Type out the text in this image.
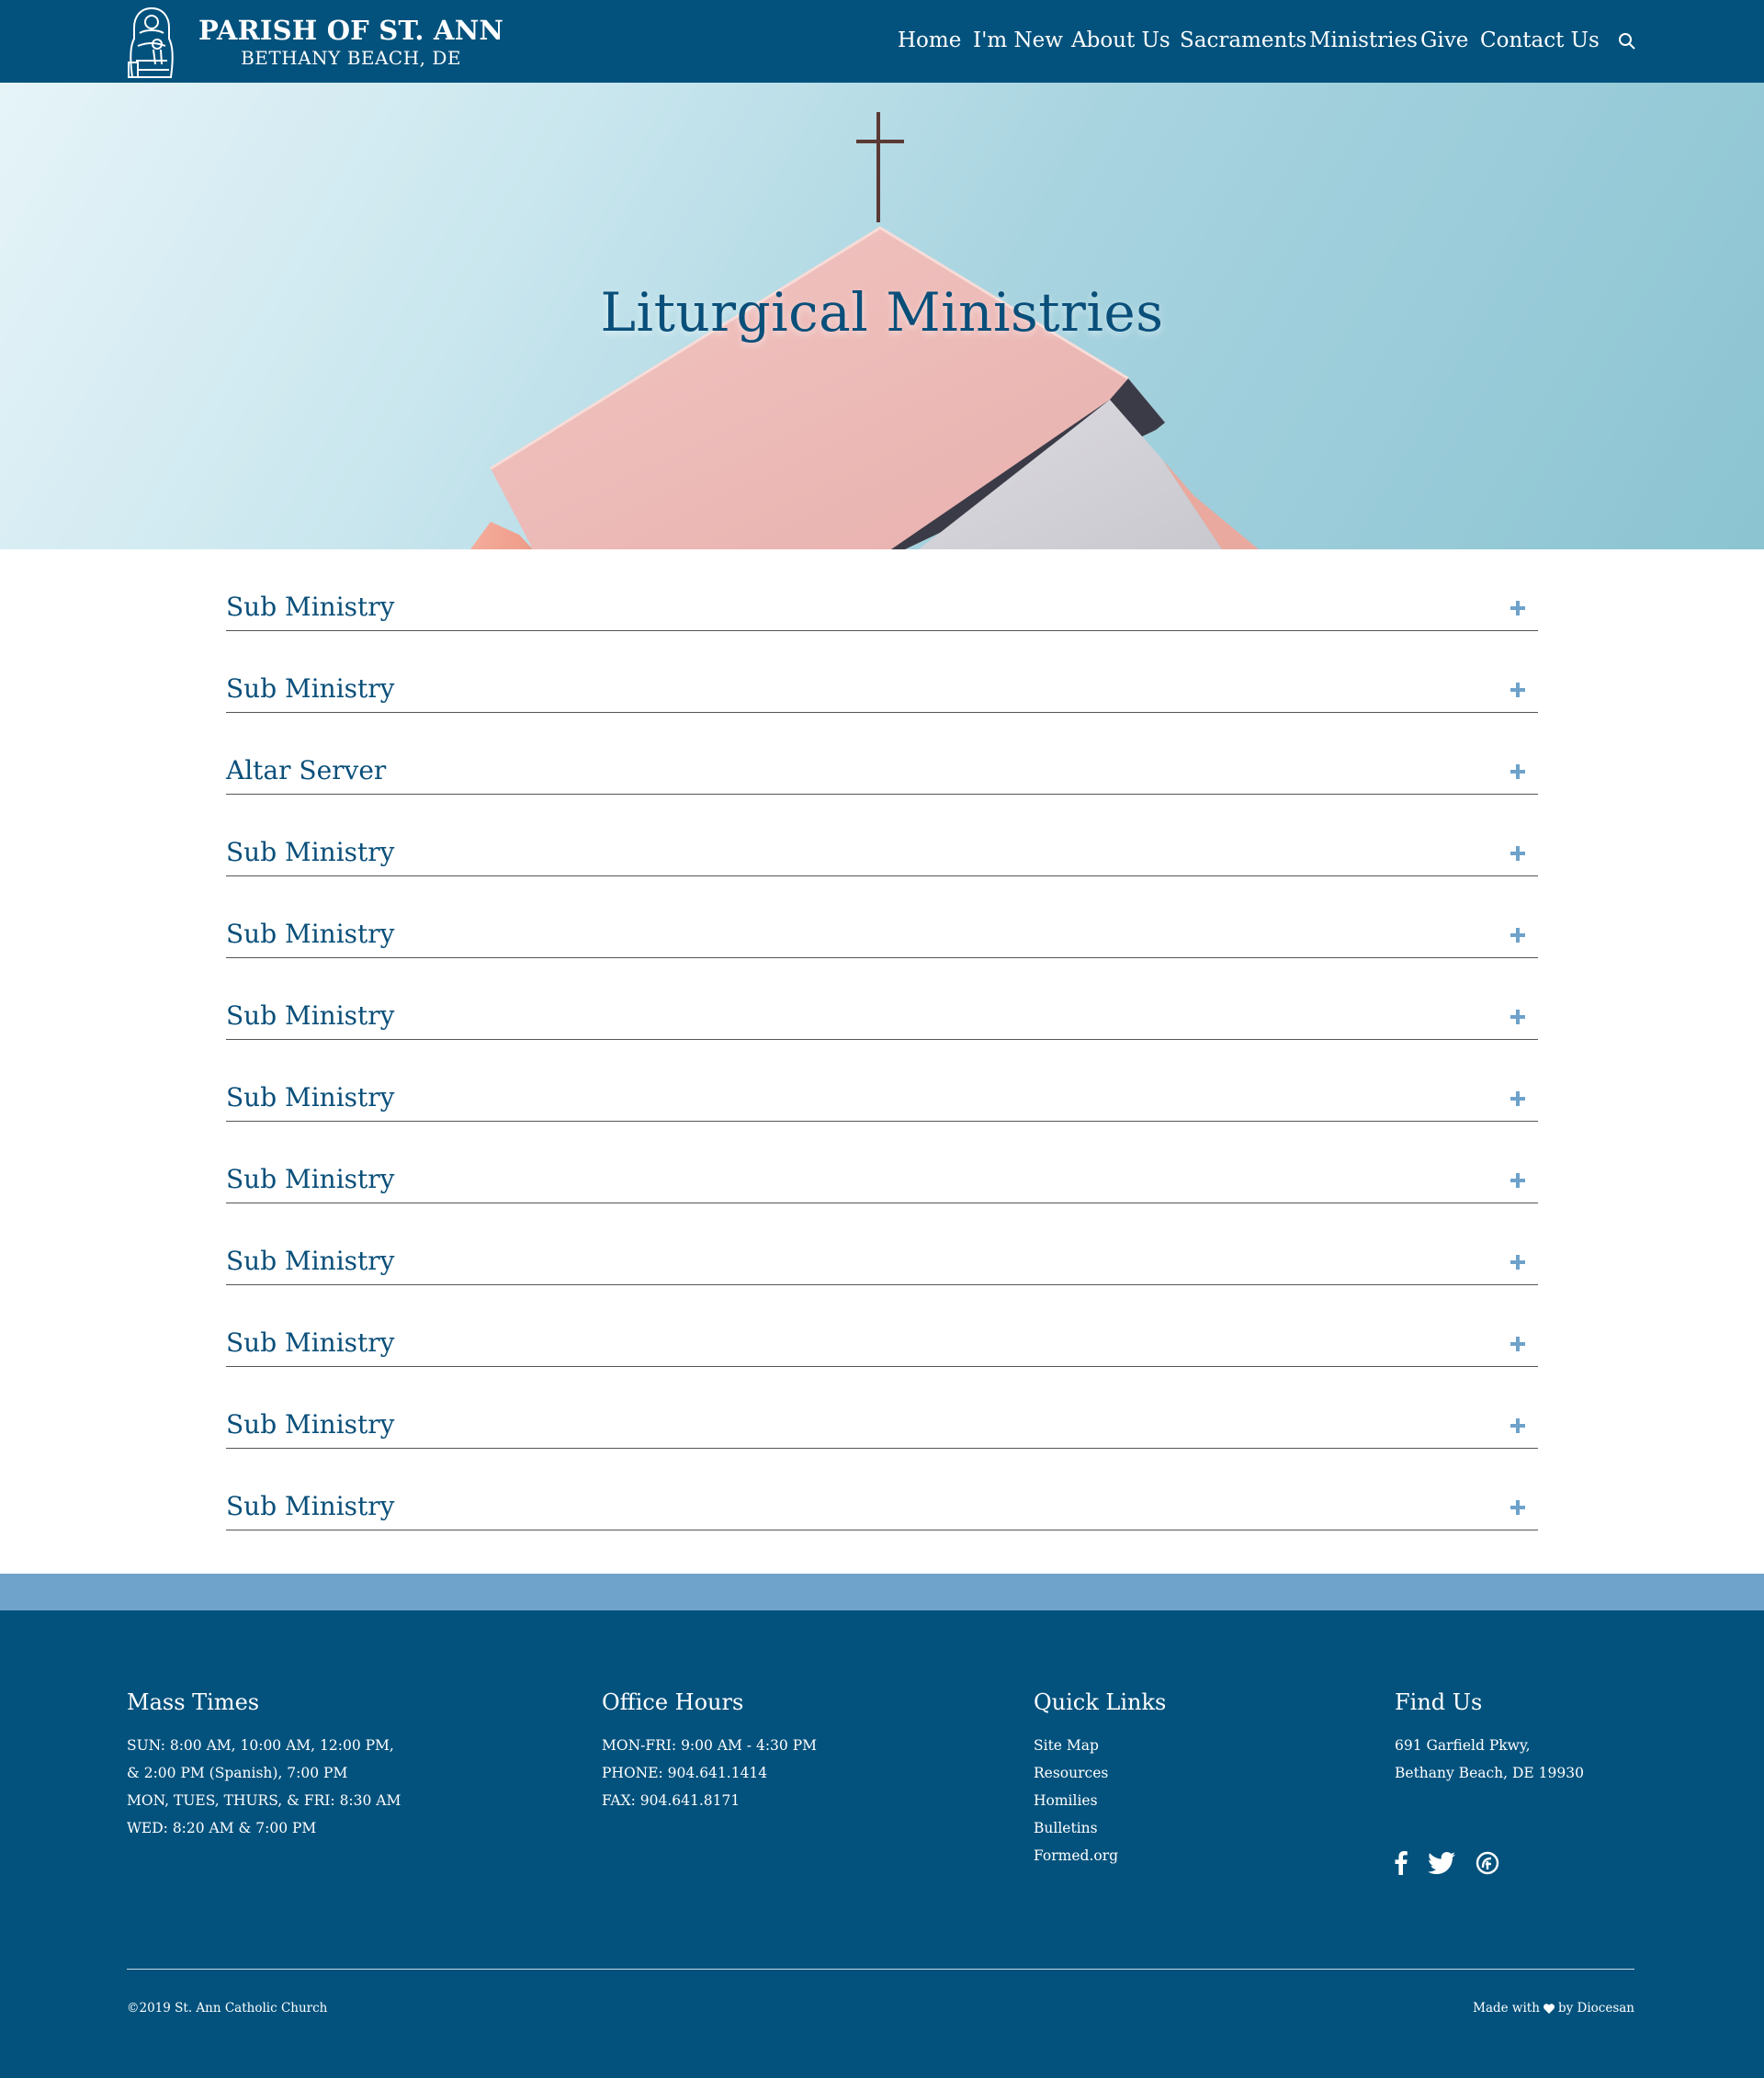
PARISH OF ST. ANN
BETHANY BEACH, DE
Home I'm New About Us Sacraments Ministries Give Contact Us
Liturgical Ministries
Sub Ministry
Sub Ministry
Altar Server
Sub Ministry
Sub Ministry
Sub Ministry
Sub Ministry
Sub Ministry
Sub Ministry
Sub Ministry
Sub Ministry
Sub Ministry
Mass Times
SUN: 8:00 AM, 10:00 AM, 12:00 PM,
& 2:00 PM (Spanish), 7:00 PM
MON, TUES, THURS, & FRI: 8:30 AM
WED: 8:20 AM & 7:00 PM
Office Hours
MON-FRI: 9:00 AM - 4:30 PM
PHONE: 904.641.1414
FAX: 904.641.8171
Quick Links
Site Map
Resources
Homilies
Bulletins
Formed.org
Find Us
691 Garfield Pkwy,
Bethany Beach, DE 19930
©2019 St. Ann Catholic Church	Made with by Diocesan
